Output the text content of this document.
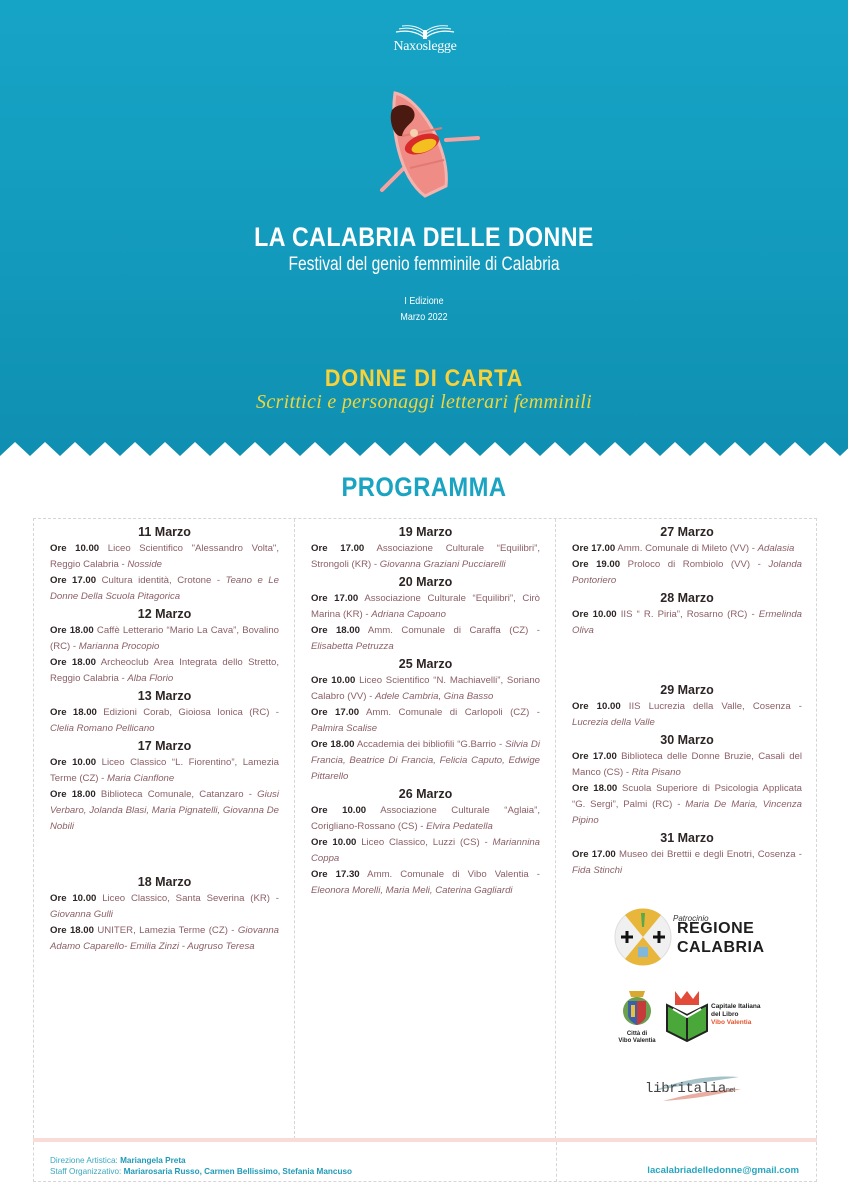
Naxoslegge
LA CALABRIA DELLE DONNE
Festival del genio femminile di Calabria
I Edizione
Marzo 2022
DONNE DI CARTA
Scrittici e personaggi letterari femminili
PROGRAMMA
11 Marzo
Ore 10.00 Liceo Scientifico "Alessandro Volta", Reggio Calabria - Nosside
Ore 17.00 Cultura identità, Crotone - Teano e Le Donne Della Scuola Pitagorica
12 Marzo
Ore 18.00 Caffè Letterario “Mario La Cava”, Bovalino (RC) - Marianna Procopio
Ore 18.00 Archeoclub Area Integrata dello Stretto, Reggio Calabria - Alba Florio
13 Marzo
Ore 18.00 Edizioni Corab, Gioiosa Ionica (RC) - Clelia Romano Pellicano
17 Marzo
Ore 10.00 Liceo Classico “L. Fiorentino”, Lamezia Terme (CZ) - Maria Cianflone
Ore 18.00 Biblioteca Comunale, Catanzaro - Giusi Verbaro, Jolanda Blasi, Maria Pignatelli, Giovanna De Nobili
18 Marzo
Ore 10.00 Liceo Classico, Santa Severina (KR) - Giovanna Gulli
Ore 18.00 UNITER, Lamezia Terme (CZ) - Giovanna Adamo Caparello- Emilia Zinzi - Augruso Teresa
19 Marzo
Ore 17.00 Associazione Culturale “Equilibri”, Strongoli (KR) - Giovanna Graziani Pucciarelli
20 Marzo
Ore 17.00 Associazione Culturale “Equilibri”, Cirò Marina (KR) - Adriana Capoano
Ore 18.00 Amm. Comunale di Caraffa (CZ) - Elisabetta Petruzza
25 Marzo
Ore 10.00 Liceo Scientifico “N. Machiavelli”, Soriano Calabro (VV) - Adele Cambria, Gina Basso
Ore 17.00 Amm. Comunale di Carlopoli (CZ) - Palmira Scalise
Ore 18.00 Accademia dei bibliofili “G.Barrio - Silvia Di Francia, Beatrice Di Francia, Felicia Caputo, Edwige Pittarello
26 Marzo
Ore 10.00 Associazione Culturale “Aglaia”, Corigliano-Rossano (CS) - Elvira Pedatella
Ore 10.00 Liceo Classico, Luzzi (CS) - Mariannina Coppa
Ore 17.30 Amm. Comunale di Vibo Valentia - Eleonora Morelli, Maria Meli, Caterina Gagliardi
27 Marzo
Ore 17.00 Amm. Comunale di Mileto (VV) - Adalasia
Ore 19.00 Proloco di Rombiolo (VV) - Jolanda Pontoriero
28 Marzo
Ore 10.00 IIS “ R. Piria”, Rosarno (RC) - Ermelinda Oliva
29 Marzo
Ore 10.00 IIS Lucrezia della Valle, Cosenza - Lucrezia della Valle
30 Marzo
Ore 17.00 Biblioteca delle Donne Bruzie, Casali del Manco (CS) - Rita Pisano
Ore 18.00 Scuola Superiore di Psicologia Applicata “G. Sergi”, Palmi (RC) - Maria De Maria, Vincenza Pipino
31 Marzo
Ore 17.00 Museo dei Brettii e degli Enotri, Cosenza - Fida Stinchi
Patrocinio
REGIONE
CALABRIA
Città di
Vibo Valentia
Capitale Italiana
del Libro
Vibo Valentia
libritalianet
Direzione Artistica: Mariangela Preta
Staff Organizzativo: Mariarosaria Russo, Carmen Bellissimo, Stefania Mancuso	lacalabriadelledonne@gmail.com
